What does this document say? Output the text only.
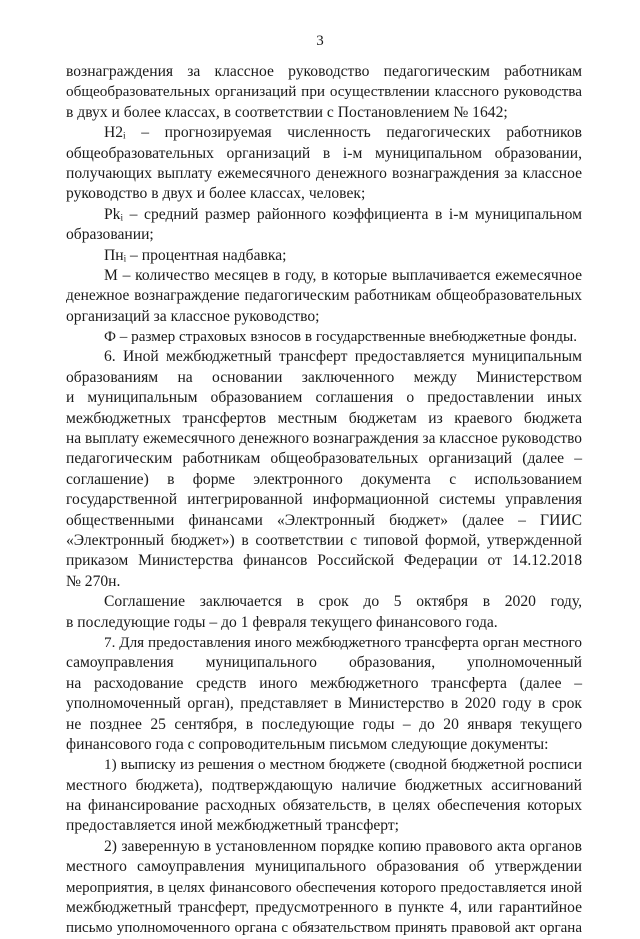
3
вознаграждения за классное руководство педагогическим работникам
общеобразовательных организаций при осуществлении классного руководства
в двух и более классах, в соответствии с Постановлением № 1642;
Н2ᵢ – прогнозируемая численность педагогических работников
общеобразовательных организаций в i-м муниципальном образовании,
получающих выплату ежемесячного денежного вознаграждения за классное
руководство в двух и более классах, человек;
Рkᵢ – средний размер районного коэффициента в i-м муниципальном
образовании;
Пнᵢ – процентная надбавка;
М – количество месяцев в году, в которые выплачивается ежемесячное
денежное вознаграждение педагогическим работникам общеобразовательных
организаций за классное руководство;
Ф – размер страховых взносов в государственные внебюджетные фонды.
6. Иной межбюджетный трансферт предоставляется муниципальным
образованиям на основании заключенного между Министерством
и муниципальным образованием соглашения о предоставлении иных
межбюджетных трансфертов местным бюджетам из краевого бюджета
на выплату ежемесячного денежного вознаграждения за классное руководство
педагогическим работникам общеобразовательных организаций (далее –
соглашение) в форме электронного документа с использованием
государственной интегрированной информационной системы управления
общественными финансами «Электронный бюджет» (далее – ГИИС
«Электронный бюджет») в соответствии с типовой формой, утвержденной
приказом Министерства финансов Российской Федерации от 14.12.2018
№ 270н.
Соглашение заключается в срок до 5 октября в 2020 году,
в последующие годы – до 1 февраля текущего финансового года.
7. Для предоставления иного межбюджетного трансферта орган местного
самоуправления муниципального образования, уполномоченный
на расходование средств иного межбюджетного трансферта (далее –
уполномоченный орган), представляет в Министерство в 2020 году в срок
не позднее 25 сентября, в последующие годы – до 20 января текущего
финансового года с сопроводительным письмом следующие документы:
1) выписку из решения о местном бюджете (сводной бюджетной росписи
местного бюджета), подтверждающую наличие бюджетных ассигнований
на финансирование расходных обязательств, в целях обеспечения которых
предоставляется иной межбюджетный трансферт;
2) заверенную в установленном порядке копию правового акта органов
местного самоуправления муниципального образования об утверждении
мероприятия, в целях финансового обеспечения которого предоставляется иной
межбюджетный трансферт, предусмотренного в пункте 4, или гарантийное
письмо уполномоченного органа с обязательством принять правовой акт органа
